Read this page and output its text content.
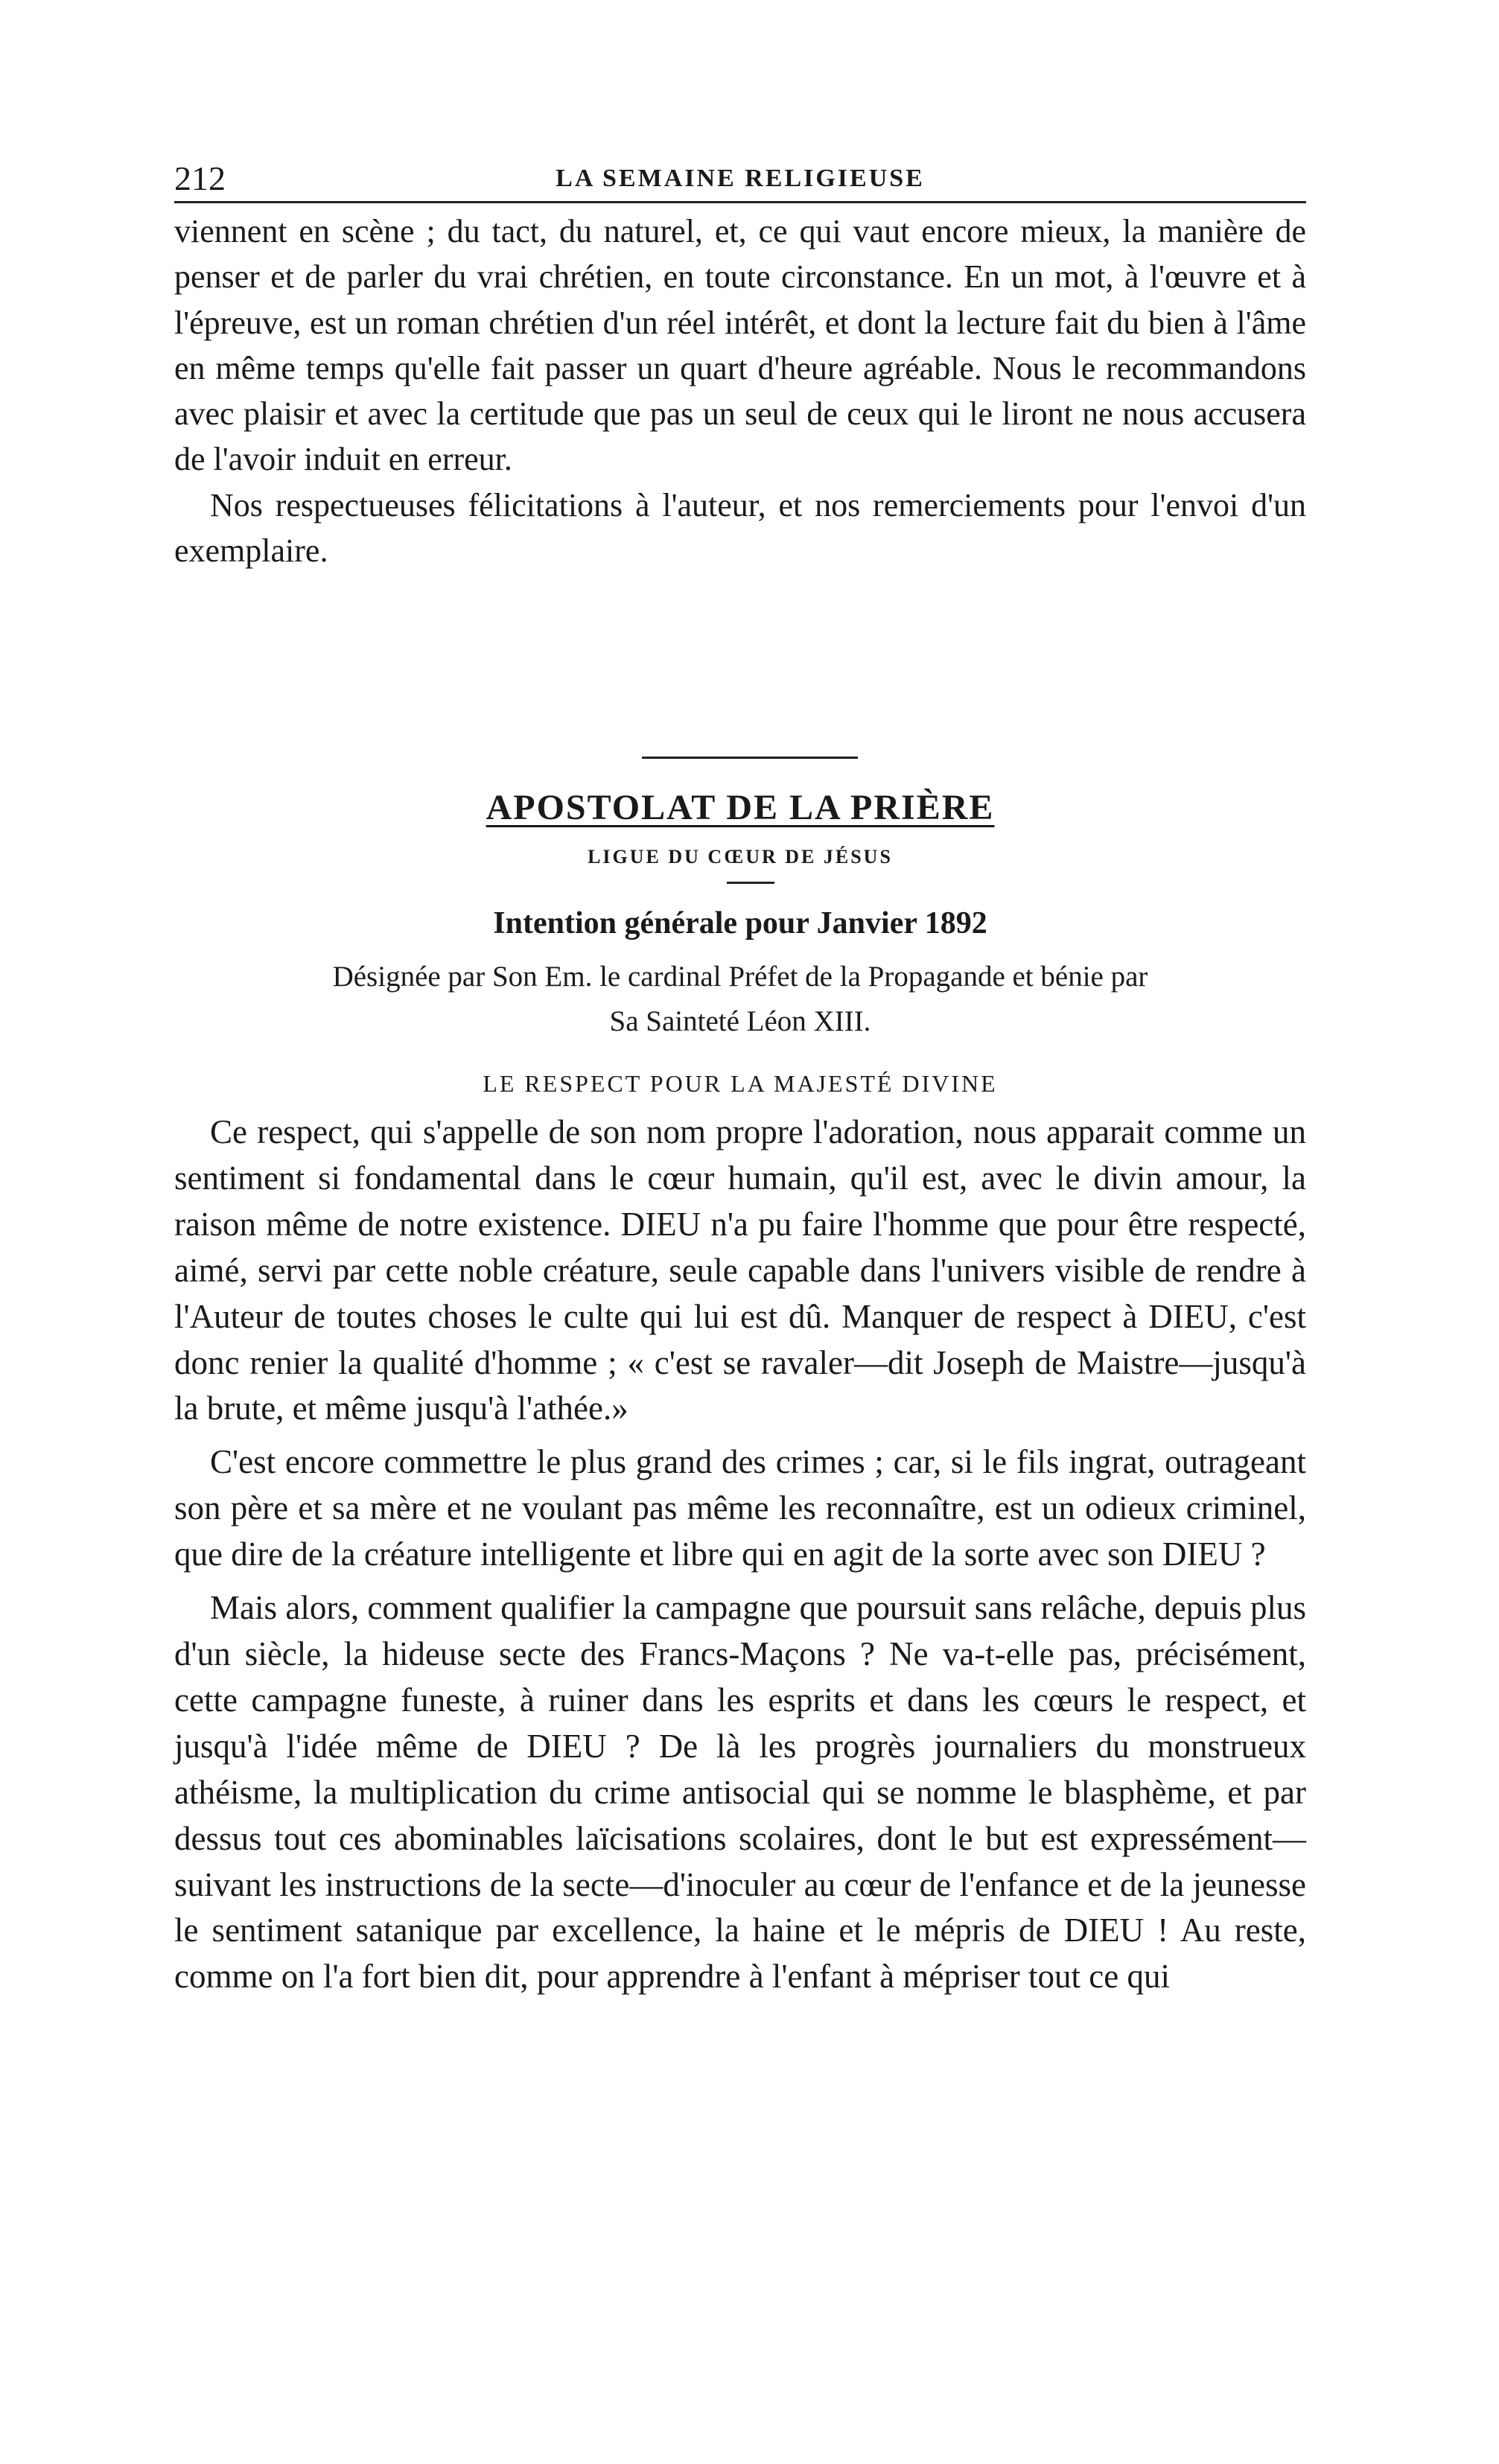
212	LA SEMAINE RELIGIEUSE

viennent en scène ; du tact, du naturel, et, ce qui vaut encore mieux, la manière de penser et de parler du vrai chrétien, en toute circonstance. En un mot, à l'œuvre et à l'épreuve, est un roman chrétien d'un réel intérêt, et dont la lecture fait du bien à l'âme en même temps qu'elle fait passer un quart d'heure agréable. Nous le recommandons avec plaisir et avec la certitude que pas un seul de ceux qui le liront ne nous accusera de l'avoir induit en erreur.

Nos respectueuses félicitations à l'auteur, et nos remerciements pour l'envoi d'un exemplaire.

APOSTOLAT DE LA PRIÈRE
LIGUE DU CŒUR DE JÉSUS
Intention générale pour Janvier 1892
Désignée par Son Em. le cardinal Préfet de la Propagande et bénie par
Sa Sainteté Léon XIII.
LE RESPECT POUR LA MAJESTÉ DIVINE

Ce respect, qui s'appelle de son nom propre l'adoration, nous apparait comme un sentiment si fondamental dans le cœur humain, qu'il est, avec le divin amour, la raison même de notre existence. DIEU n'a pu faire l'homme que pour être respecté, aimé, servi par cette noble créature, seule capable dans l'univers visible de rendre à l'Auteur de toutes choses le culte qui lui est dû. Manquer de respect à DIEU, c'est donc renier la qualité d'homme ; « c'est se ravaler—dit Joseph de Maistre—jusqu'à la brute, et même jusqu'à l'athée.»

C'est encore commettre le plus grand des crimes ; car, si le fils ingrat, outrageant son père et sa mère et ne voulant pas même les reconnaître, est un odieux criminel, que dire de la créature intelligente et libre qui en agit de la sorte avec son DIEU ?

Mais alors, comment qualifier la campagne que poursuit sans relâche, depuis plus d'un siècle, la hideuse secte des Francs-Maçons ? Ne va-t-elle pas, précisément, cette campagne funeste, à ruiner dans les esprits et dans les cœurs le respect, et jusqu'à l'idée même de DIEU ? De là les progrès journaliers du monstrueux athéisme, la multiplication du crime antisocial qui se nomme le blasphème, et par dessus tout ces abominables laïcisations scolaires, dont le but est expressément—suivant les instructions de la secte—d'inoculer au cœur de l'enfance et de la jeunesse le sentiment satanique par excellence, la haine et le mépris de DIEU ! Au reste, comme on l'a fort bien dit, pour apprendre à l'enfant à mépriser tout ce qui
